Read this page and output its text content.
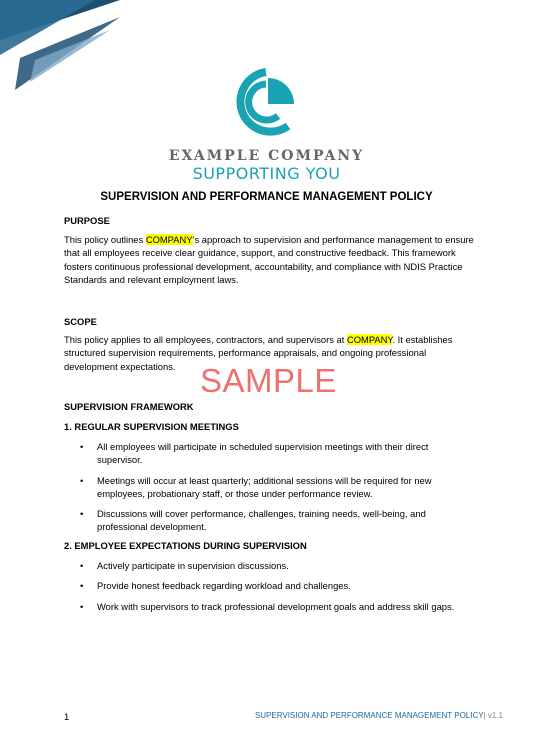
EXAMPLE COMPANY
SUPPORTING YOU
SUPERVISION AND PERFORMANCE MANAGEMENT POLICY
PURPOSE
This policy outlines COMPANY’s approach to supervision and performance management to ensure that all employees receive clear guidance, support, and constructive feedback. This framework fosters continuous professional development, accountability, and compliance with NDIS Practice Standards and relevant employment laws.
SCOPE
This policy applies to all employees, contractors, and supervisors at COMPANY. It establishes structured supervision requirements, performance appraisals, and ongoing professional development expectations. SAMPLE
SUPERVISION FRAMEWORK
1. REGULAR SUPERVISION MEETINGS
• All employees will participate in scheduled supervision meetings with their direct supervisor.
• Meetings will occur at least quarterly; additional sessions will be required for new employees, probationary staff, or those under performance review.
• Discussions will cover performance, challenges, training needs, well-being, and professional development.
2. EMPLOYEE EXPECTATIONS DURING SUPERVISION
• Actively participate in supervision discussions.
• Provide honest feedback regarding workload and challenges.
• Work with supervisors to track professional development goals and address skill gaps.
1	SUPERVISION AND PERFORMANCE MANAGEMENT POLICY| v1.1
